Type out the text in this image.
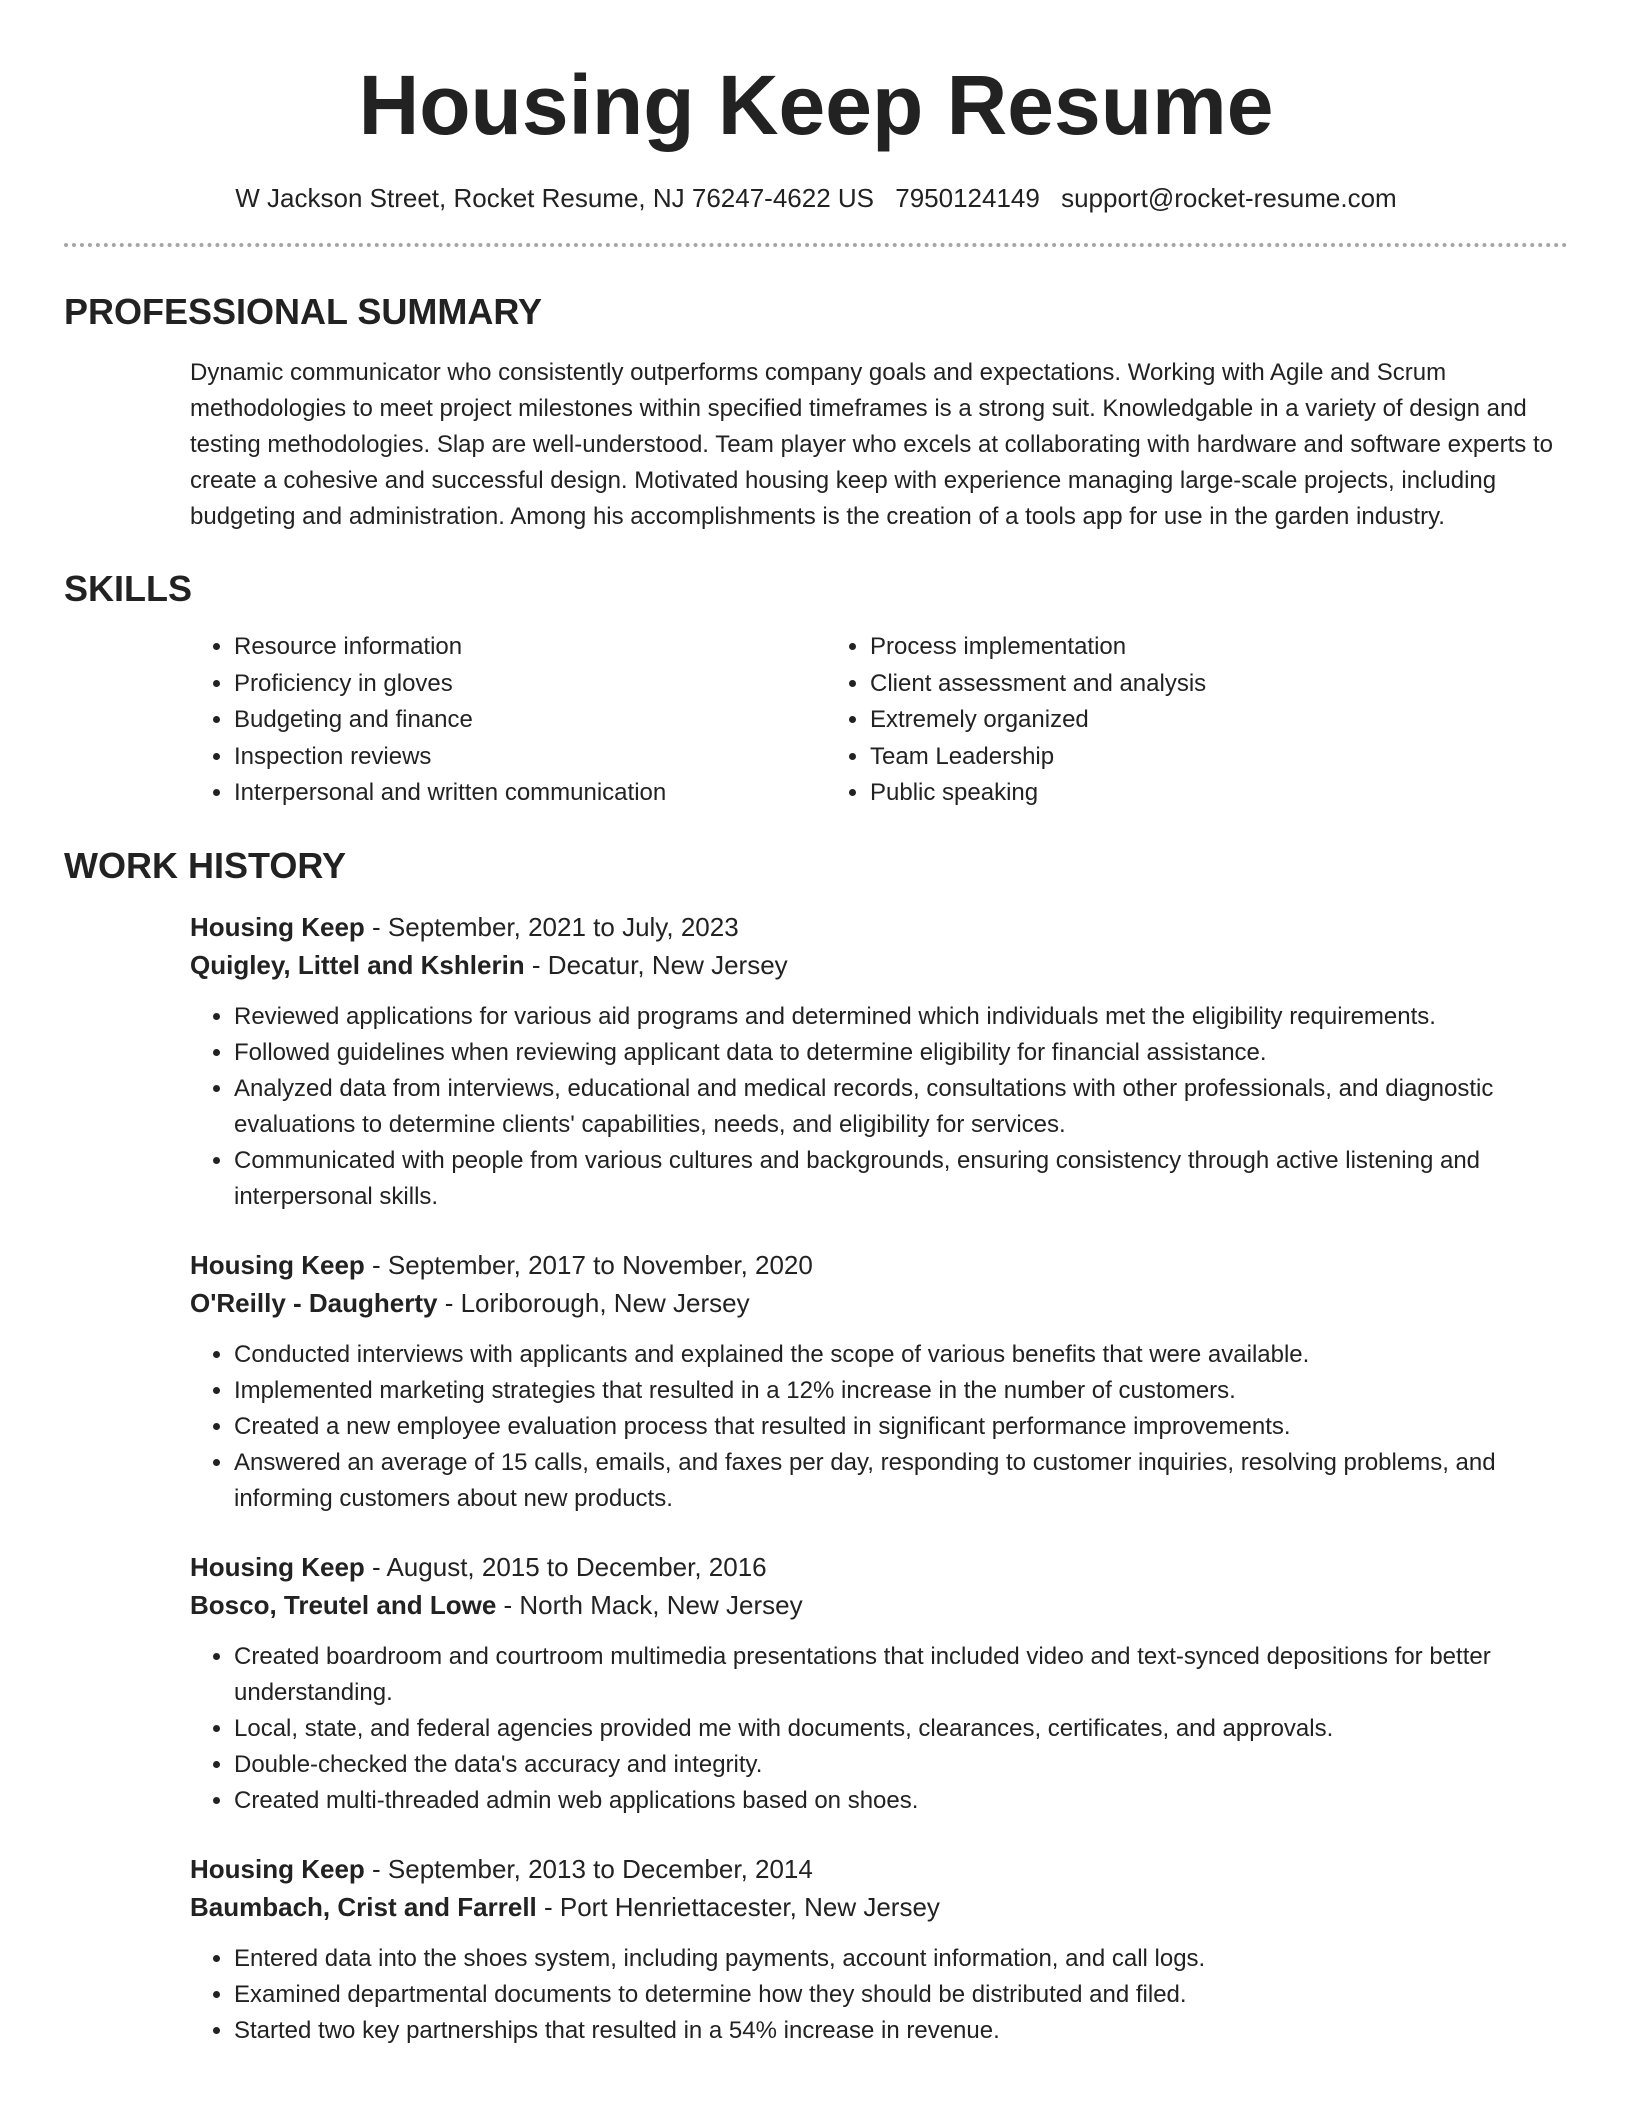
Housing Keep Resume
W Jackson Street, Rocket Resume, NJ 76247-4622 US 7950124149 support@rocket-resume.com
PROFESSIONAL SUMMARY

Dynamic communicator who consistently outperforms company goals and expectations. Working with Agile and Scrum methodologies to meet project milestones within specified timeframes is a strong suit. Knowledgable in a variety of design and testing methodologies. Slap are well-understood. Team player who excels at collaborating with hardware and software experts to create a cohesive and successful design. Motivated housing keep with experience managing large-scale projects, including budgeting and administration. Among his accomplishments is the creation of a tools app for use in the garden industry.

SKILLS
• Resource information
• Proficiency in gloves
• Budgeting and finance
• Inspection reviews
• Interpersonal and written communication
• Process implementation
• Client assessment and analysis
• Extremely organized
• Team Leadership
• Public speaking
WORK HISTORY
Housing Keep - September, 2021 to July, 2023
Quigley, Littel and Kshlerin - Decatur, New Jersey
• Reviewed applications for various aid programs and determined which individuals met the eligibility requirements.
• Followed guidelines when reviewing applicant data to determine eligibility for financial assistance.
• Analyzed data from interviews, educational and medical records, consultations with other professionals, and diagnostic evaluations to determine clients' capabilities, needs, and eligibility for services.
• Communicated with people from various cultures and backgrounds, ensuring consistency through active listening and interpersonal skills.
Housing Keep - September, 2017 to November, 2020
O'Reilly - Daugherty - Loriborough, New Jersey
• Conducted interviews with applicants and explained the scope of various benefits that were available.
• Implemented marketing strategies that resulted in a 12% increase in the number of customers.
• Created a new employee evaluation process that resulted in significant performance improvements.
• Answered an average of 15 calls, emails, and faxes per day, responding to customer inquiries, resolving problems, and informing customers about new products.
Housing Keep - August, 2015 to December, 2016
Bosco, Treutel and Lowe - North Mack, New Jersey
• Created boardroom and courtroom multimedia presentations that included video and text-synced depositions for better understanding.
• Local, state, and federal agencies provided me with documents, clearances, certificates, and approvals.
• Double-checked the data's accuracy and integrity.
• Created multi-threaded admin web applications based on shoes.
Housing Keep - September, 2013 to December, 2014
Baumbach, Crist and Farrell - Port Henriettacester, New Jersey
• Entered data into the shoes system, including payments, account information, and call logs.
• Examined departmental documents to determine how they should be distributed and filed.
• Started two key partnerships that resulted in a 54% increase in revenue.
